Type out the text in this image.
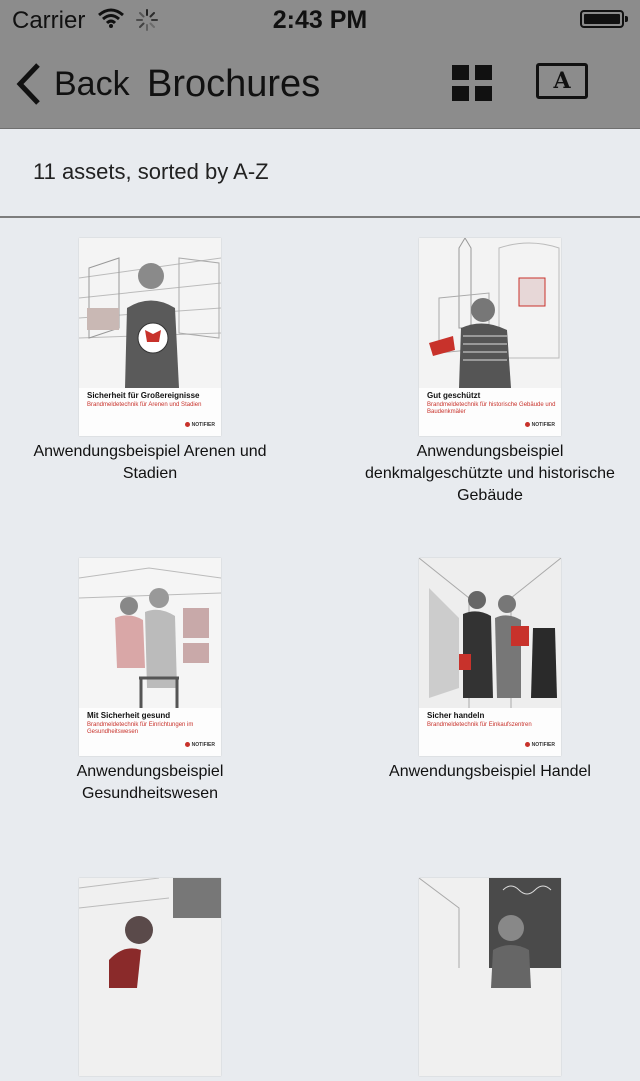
Carrier	2:43 PM
Back Brochures	A
11 assets, sorted by A-Z
Sicherheit für Großereignisse
Brandmeldetechnik für Arenen und Stadien
NOTIFIER
Anwendungsbeispiel Arenen und Stadien
Gut geschützt
Brandmeldetechnik für historische Gebäude und Baudenkmäler
NOTIFIER
Anwendungsbeispiel denkmalgeschützte und historische Gebäude
Mit Sicherheit gesund
Brandmeldetechnik für Einrichtungen im Gesundheitswesen
NOTIFIER
Anwendungsbeispiel Gesundheitswesen
Sicher handeln
Brandmeldetechnik für Einkaufszentren
NOTIFIER
Anwendungsbeispiel Handel
